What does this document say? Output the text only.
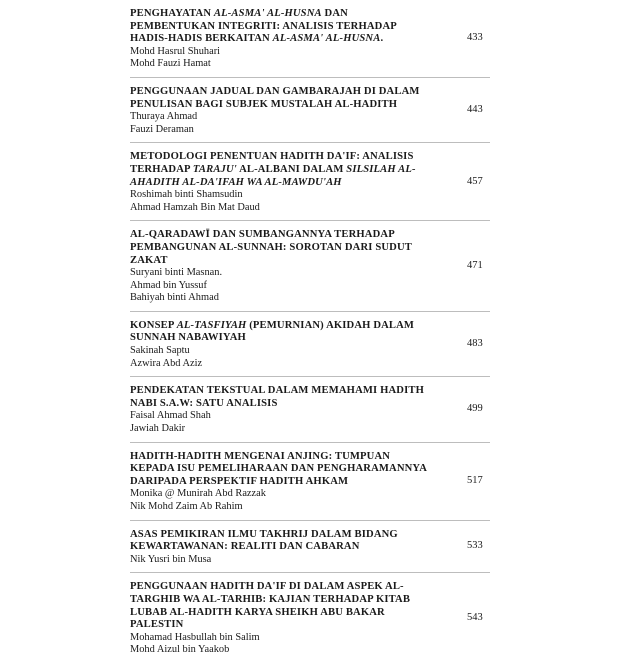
PENGHAYATAN AL-ASMA' AL-HUSNA DAN PEMBENTUKAN INTEGRITI: ANALISIS TERHADAP HADIS-HADIS BERKAITAN AL-ASMA' AL-HUSNA.

Mohd Hasrul Shuhari

Mohd Fauzi Hamat

433

PENGGUNAAN JADUAL DAN GAMBARAJAH DI DALAM PENULISAN BAGI SUBJEK MUSTALAH AL-HADITH

Thuraya Ahmad

Fauzi Deraman

443

METODOLOGI PENENTUAN HADITH DA'IF: ANALISIS TERHADAP TARAJU' AL-ALBANI DALAM SILSILAH AL-AHADITH AL-DA'IFAH WA AL-MAWDU'AH

Roshimah binti Shamsudin

Ahmad Hamzah Bin Mat Daud

457

AL-QARADAWĪ DAN SUMBANGANNYA TERHADAP PEMBANGUNAN AL-SUNNAH: SOROTAN DARI SUDUT ZAKAT

Suryani binti Masnan.

Ahmad bin Yussuf

Bahiyah binti Ahmad

471

KONSEP AL-TASFIYAH (PEMURNIAN) AKIDAH DALAM SUNNAH NABAWIYAH

Sakinah Saptu

Azwira Abd Aziz

483

PENDEKATAN TEKSTUAL DALAM MEMAHAMI HADITH NABI S.A.W: SATU ANALISIS

Faisal Ahmad Shah

Jawiah Dakir

499

HADITH-HADITH MENGENAI ANJING: TUMPUAN KEPADA ISU PEMELIHARAAN DAN PENGHARAMANNYA DARIPADA PERSPEKTIF HADITH AHKAM

Monika @ Munirah Abd Razzak

Nik Mohd Zaim Ab Rahim

517

ASAS PEMIKIRAN ILMU TAKHRIJ DALAM BIDANG KEWARTAWANAN: REALITI DAN CABARAN

Nik Yusri bin Musa

533

PENGGUNAAN HADITH DA'IF DI DALAM ASPEK AL-TARGHIB WA AL-TARHIB: KAJIAN TERHADAP KITAB LUBAB AL-HADITH KARYA SHEIKH ABU BAKAR PALESTIN

Mohamad Hasbullah bin Salim

Mohd Aizul bin Yaakob

543
